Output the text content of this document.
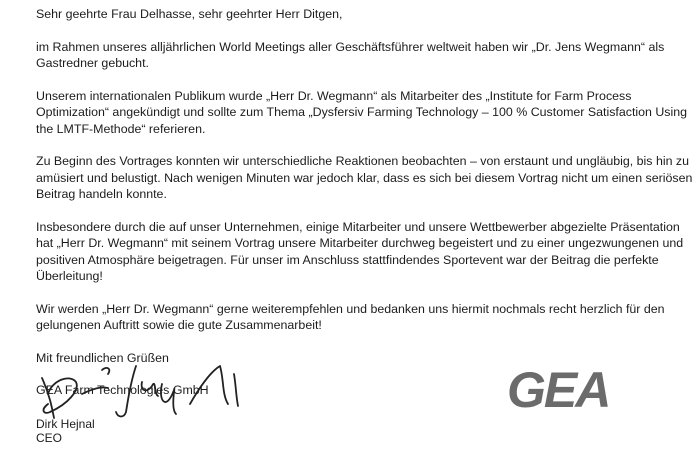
Sehr geehrte Frau Delhasse, sehr geehrter Herr Ditgen,

im Rahmen unseres alljährlichen World Meetings aller Geschäftsführer weltweit haben wir „Dr. Jens Wegmann“ als Gastredner gebucht.

Unserem internationalen Publikum wurde „Herr Dr. Wegmann“ als Mitarbeiter des „Institute for Farm Process Optimization“ angekündigt und sollte zum Thema „Dysfersiv Farming Technology – 100 % Customer Satisfaction Using the LMTF-Methode“ referieren.

Zu Beginn des Vortrages konnten wir unterschiedliche Reaktionen beobachten – von erstaunt und ungläubig, bis hin zu amüsiert und belustigt. Nach wenigen Minuten war jedoch klar, dass es sich bei diesem Vortrag nicht um einen seriösen Beitrag handeln konnte.

Insbesondere durch die auf unser Unternehmen, einige Mitarbeiter und unsere Wettbewerber abgezielte Präsentation hat „Herr Dr. Wegmann“ mit seinem Vortrag unsere Mitarbeiter durchweg begeistert und zu einer ungezwungenen und positiven Atmosphäre beigetragen. Für unser im Anschluss stattfindendes Sportevent war der Beitrag die perfekte Überleitung!

Wir werden „Herr Dr. Wegmann“ gerne weiterempfehlen und bedanken uns hiermit nochmals recht herzlich für den gelungenen Auftritt sowie die gute Zusammenarbeit!

Mit freundlichen Grüßen

GEA Farm Technologies GmbH

Dirk Hejnal
CEO
GEA
